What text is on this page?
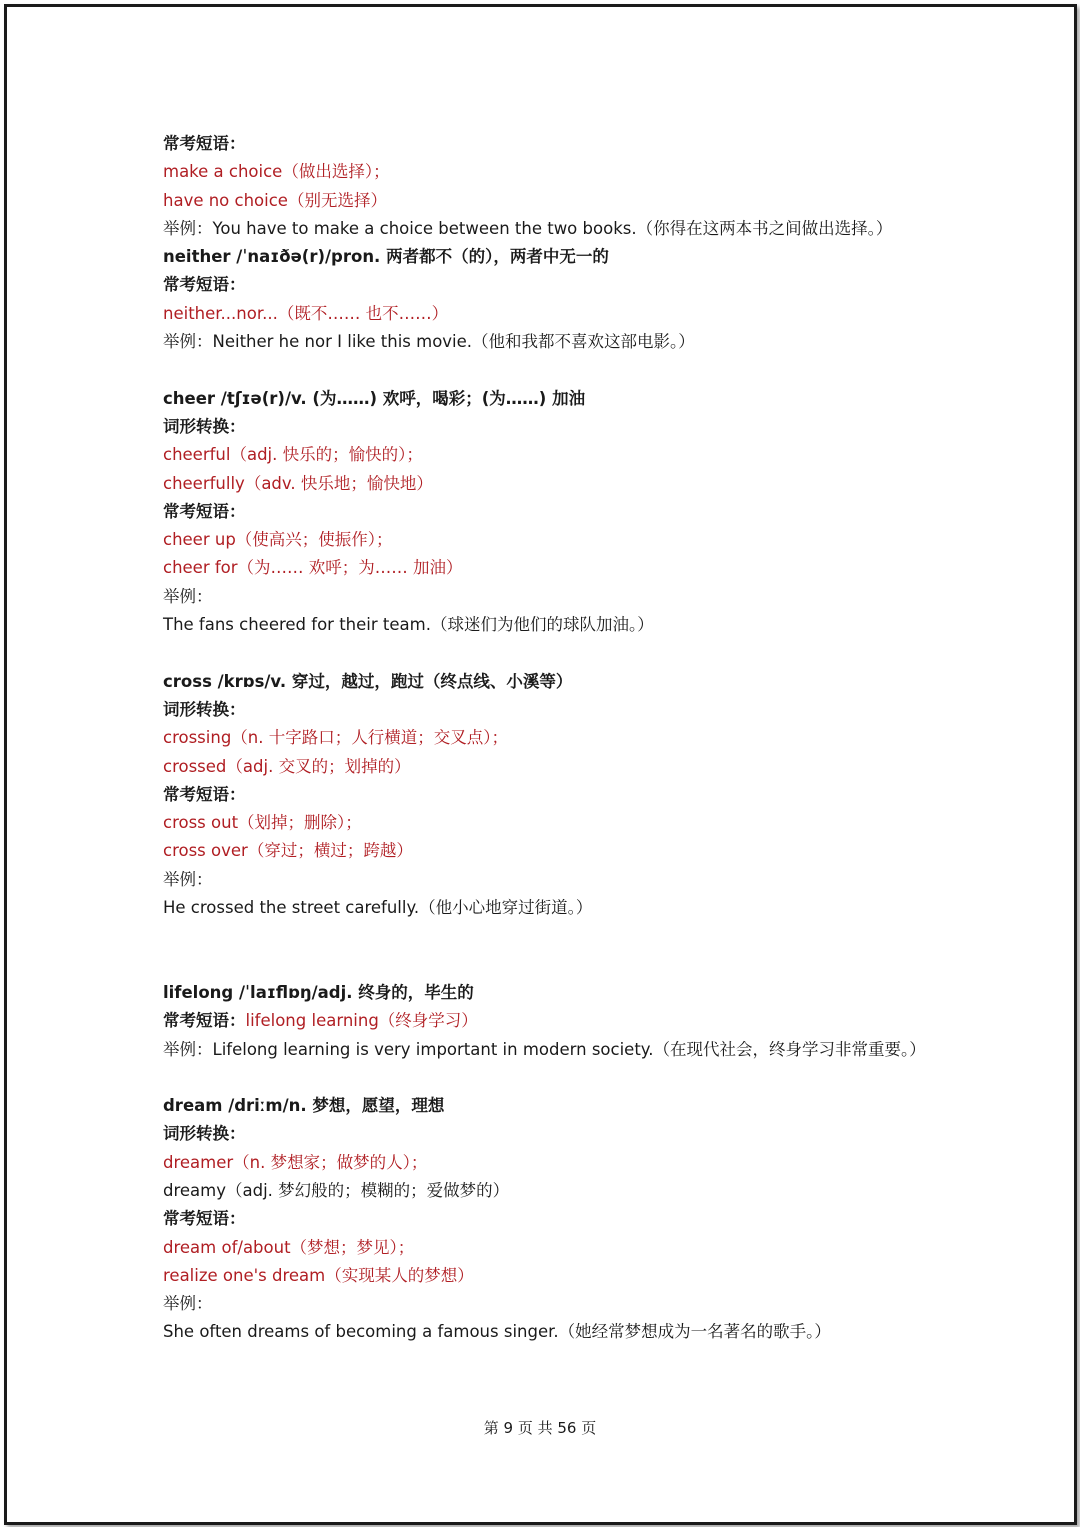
常考短语：
make a choice（做出选择）；
have no choice（别无选择）
举例：You have to make a choice between the two books.（你得在这两本书之间做出选择。）
neither /ˈnaɪðə(r)/pron. 两者都不（的），两者中无一的
常考短语：
neither...nor...（既不…… 也不……）
举例：Neither he nor I like this movie.（他和我都不喜欢这部电影。）
cheer /tʃɪə(r)/v. (为……) 欢呼，喝彩；(为……) 加油
词形转换：
cheerful（adj. 快乐的；愉快的）；
cheerfully（adv. 快乐地；愉快地）
常考短语：
cheer up（使高兴；使振作）；
cheer for（为…… 欢呼；为…… 加油）
举例：
The fans cheered for their team.（球迷们为他们的球队加油。）
cross /krɒs/v. 穿过，越过，跑过（终点线、小溪等）
词形转换：
crossing（n. 十字路口；人行横道；交叉点）；
crossed（adj. 交叉的；划掉的）
常考短语：
cross out（划掉；删除）；
cross over（穿过；横过；跨越）
举例：
He crossed the street carefully.（他小心地穿过街道。）
lifelong /ˈlaɪflɒŋ/adj. 终身的，毕生的
常考短语：lifelong learning（终身学习）
举例：Lifelong learning is very important in modern society.（在现代社会，终身学习非常重要。）
dream /driːm/n. 梦想，愿望，理想
词形转换：
dreamer（n. 梦想家；做梦的人）；
dreamy（adj. 梦幻般的；模糊的；爱做梦的）
常考短语：
dream of/about（梦想；梦见）；
realize one's dream（实现某人的梦想）
举例：
She often dreams of becoming a famous singer.（她经常梦想成为一名著名的歌手。）
第 9 页 共 56 页
